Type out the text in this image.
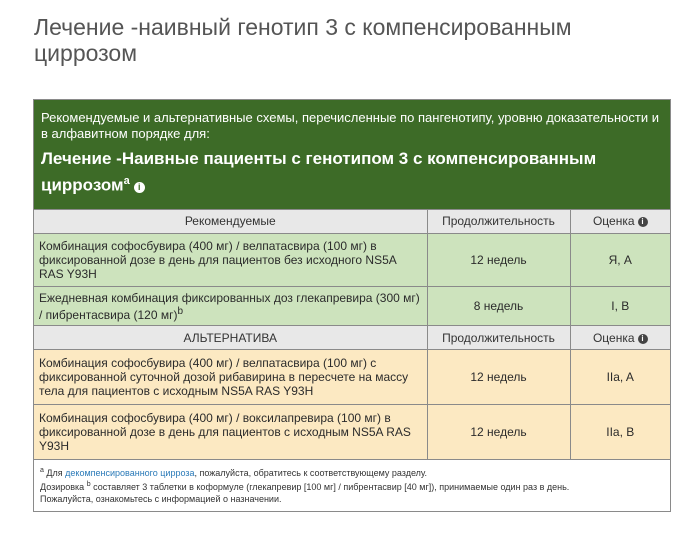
Лечение -наивный генотип 3 с компенсированным циррозом
Рекомендуемые и альтернативные схемы, перечисленные по пангенотипу, уровню доказательности и в алфавитном порядке для:
Лечение -Наивные пациенты с генотипом 3 с компенсированным циррозом$^a$ i
Рекомендуемые	Продолжительность	Оценка i
Комбинация софосбувира (400 мг) / велпатасвира (100 мг) в фиксированной дозе в день для пациентов без исходного NS5A RAS Y93H	12 недель	Я, А
Ежедневная комбинация фиксированных доз глекапревира (300 мг) / пибрентасвира (120 мг)$^b$	8 недель	I, B
АЛЬТЕРНАТИВА	Продолжительность	Оценка i
Комбинация софосбувира (400 мг) / велпатасвира (100 мг) с фиксированной суточной дозой рибавирина в пересчете на массу тела для пациентов с исходным NS5A RAS Y93H	12 недель	IIa, A
Комбинация софосбувира (400 мг) / воксилапревира (100 мг) в фиксированной дозе в день для пациентов с исходным NS5A RAS Y93H	12 недель	IIa, B

$^a$ Для декомпенсированного цирроза, пожалуйста, обратитесь к соответствующему разделу.

Дозировка $^b$ составляет 3 таблетки в коформуле (глекапревир [100 мг] / пибрентасвир [40 мг]), принимаемые один раз в день.

Пожалуйста, ознакомьтесь с информацией о назначении.
